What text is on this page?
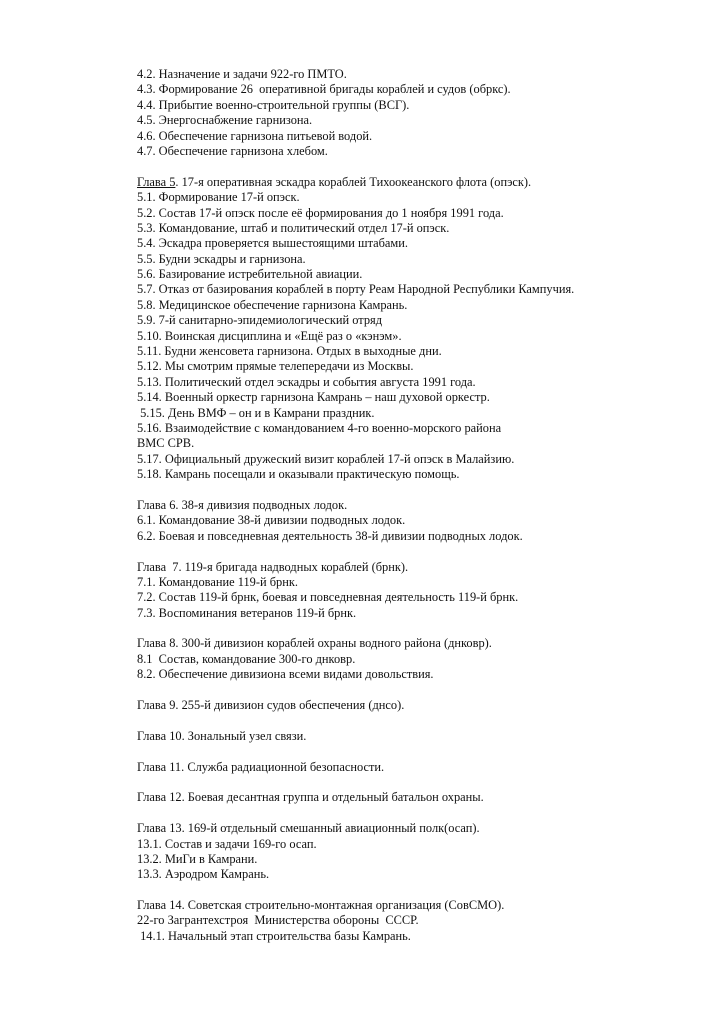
4.2. Назначение и задачи 922-го ПМТО.
4.3. Формирование 26  оперативной бригады кораблей и судов (обркс).
4.4. Прибытие военно-строительной группы (ВСГ).
4.5. Энергоснабжение гарнизона.
4.6. Обеспечение гарнизона питьевой водой.
4.7. Обеспечение гарнизона хлебом.
Глава 5. 17-я оперативная эскадра кораблей Тихоокеанского флота (опэск).
5.1. Формирование 17-й опэск.
5.2. Состав 17-й опэск после её формирования до 1 ноября 1991 года.
5.3. Командование, штаб и политический отдел 17-й опэск.
5.4. Эскадра проверяется вышестоящими штабами.
5.5. Будни эскадры и гарнизона.
5.6. Базирование истребительной авиации.
5.7. Отказ от базирования кораблей в порту Реам Народной Республики Кампучия.
5.8. Медицинское обеспечение гарнизона Камрань.
5.9. 7-й санитарно-эпидемиологический отряд
5.10. Воинская дисциплина и «Ещё раз о «кэнэм».
5.11. Будни женсовета гарнизона. Отдых в выходные дни.
5.12. Мы смотрим прямые телепередачи из Москвы.
5.13. Политический отдел эскадры и события августа 1991 года.
5.14. Военный оркестр гарнизона Камрань – наш духовой оркестр.
5.15. День ВМФ – он и в Камрани праздник.
5.16. Взаимодействие с командованием 4-го военно-морского района
ВМС СРВ.
5.17. Официальный дружеский визит кораблей 17-й опэск в Малайзию.
5.18. Камрань посещали и оказывали практическую помощь.
Глава 6. 38-я дивизия подводных лодок.
6.1. Командование 38-й дивизии подводных лодок.
6.2. Боевая и повседневная деятельность 38-й дивизии подводных лодок.
Глава  7. 119-я бригада надводных кораблей (брнк).
7.1. Командование 119-й брнк.
7.2. Состав 119-й брнк, боевая и повседневная деятельность 119-й брнк.
7.3. Воспоминания ветеранов 119-й брнк.
Глава 8. 300-й дивизион кораблей охраны водного района (днковр).
8.1  Состав, командование 300-го днковр.
8.2. Обеспечение дивизиона всеми видами довольствия.
Глава 9. 255-й дивизион судов обеспечения (днсо).
Глава 10. Зональный узел связи.
Глава 11. Служба радиационной безопасности.
Глава 12. Боевая десантная группа и отдельный батальон охраны.
Глава 13. 169-й отдельный смешанный авиационный полк(осап).
13.1. Состав и задачи 169-го осап.
13.2. МиГи в Камрани.
13.3. Аэродром Камрань.
Глава 14. Советская строительно-монтажная организация (СовСМО).
22-го Загрантехстроя  Министерства обороны  СССР.
14.1. Начальный этап строительства базы Камрань.
